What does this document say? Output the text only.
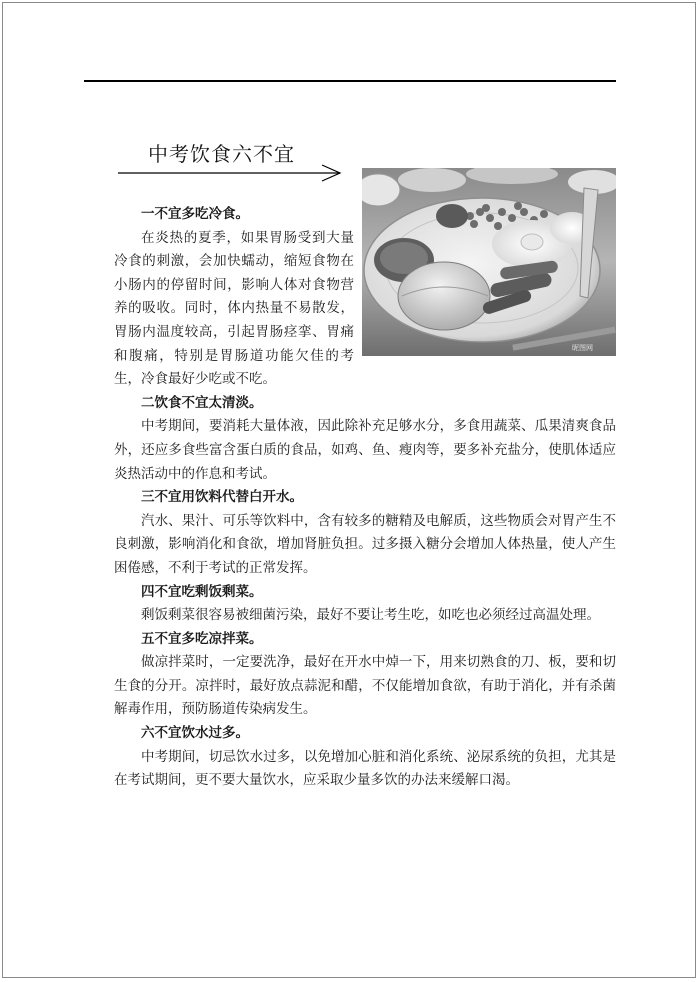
中考饮食六不宜
昵图网
一不宜多吃冷食。

在炎热的夏季，如果胃肠受到大量冷食的刺激，会加快蠕动，缩短食物在小肠内的停留时间，影响人体对食物营养的吸收。同时，体内热量不易散发，胃肠内温度较高，引起胃肠痉挛、胃痛和腹痛，特别是胃肠道功能欠佳的考生，冷食最好少吃或不吃。

二饮食不宜太清淡。

中考期间，要消耗大量体液，因此除补充足够水分，多食用蔬菜、瓜果清爽食品外，还应多食些富含蛋白质的食品，如鸡、鱼、瘦肉等，要多补充盐分，使肌体适应炎热活动中的作息和考试。

三不宜用饮料代替白开水。

汽水、果汁、可乐等饮料中，含有较多的糖精及电解质，这些物质会对胃产生不良刺激，影响消化和食欲，增加肾脏负担。过多摄入糖分会增加人体热量，使人产生困倦感，不利于考试的正常发挥。

四不宜吃剩饭剩菜。

剩饭剩菜很容易被细菌污染，最好不要让考生吃，如吃也必须经过高温处理。

五不宜多吃凉拌菜。

做凉拌菜时，一定要洗净，最好在开水中焯一下，用来切熟食的刀、板，要和切生食的分开。凉拌时，最好放点蒜泥和醋，不仅能增加食欲，有助于消化，并有杀菌解毒作用，预防肠道传染病发生。

六不宜饮水过多。

中考期间，切忌饮水过多，以免增加心脏和消化系统、泌尿系统的负担，尤其是在考试期间，更不要大量饮水，应采取少量多饮的办法来缓解口渴。
